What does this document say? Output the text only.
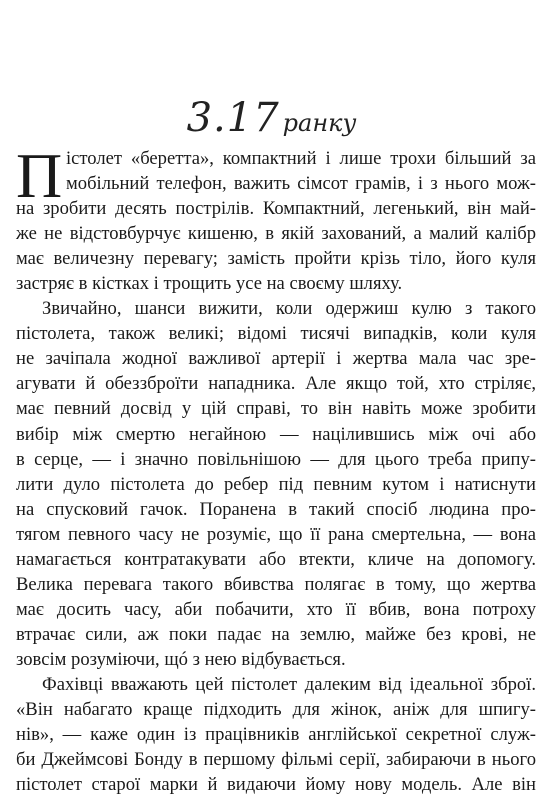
3.17 ранку
П істолет «беретта», компактний і лише трохи більший за
мобільний телефон, важить сімсот грамів, і з нього мож-
на зробити десять пострілів. Компактний, легенький, він май-
же не відстовбурчує кишеню, в якій захований, а малий калібр
має величезну перевагу; замість пройти крізь тіло, його куля
застряє в кістках і трощить усе на своєму шляху.
Звичайно, шанси вижити, коли одержиш кулю з такого
пістолета, також великі; відомі тисячі випадків, коли куля
не зачіпала жодної важливої артерії і жертва мала час зре-
агувати й обеззброїти нападника. Але якщо той, хто стріляє,
має певний досвід у цій справі, то він навіть може зробити
вибір між смертю негайною — націлившись між очі або
в серце, — і значно повільнішою — для цього треба припу-
лити дуло пістолета до ребер під певним кутом і натиснути
на спусковий гачок. Поранена в такий спосіб людина про-
тягом певного часу не розуміє, що її рана смертельна, — вона
намагається контратакувати або втекти, кличе на допомогу.
Велика перевага такого вбивства полягає в тому, що жертва
має досить часу, аби побачити, хто її вбив, вона потроху
втрачає сили, аж поки падає на землю, майже без крові, не
зовсім розуміючи, щó з нею відбувається.
Фахівці вважають цей пістолет далеким від ідеальної зброї.
«Він набагато краще підходить для жінок, аніж для шпигу-
нів», — каже один із працівників англійської секретної служ-
би Джеймсові Бонду в першому фільмі серії, забираючи в нього
пістолет старої марки й видаючи йому нову модель. Але він
